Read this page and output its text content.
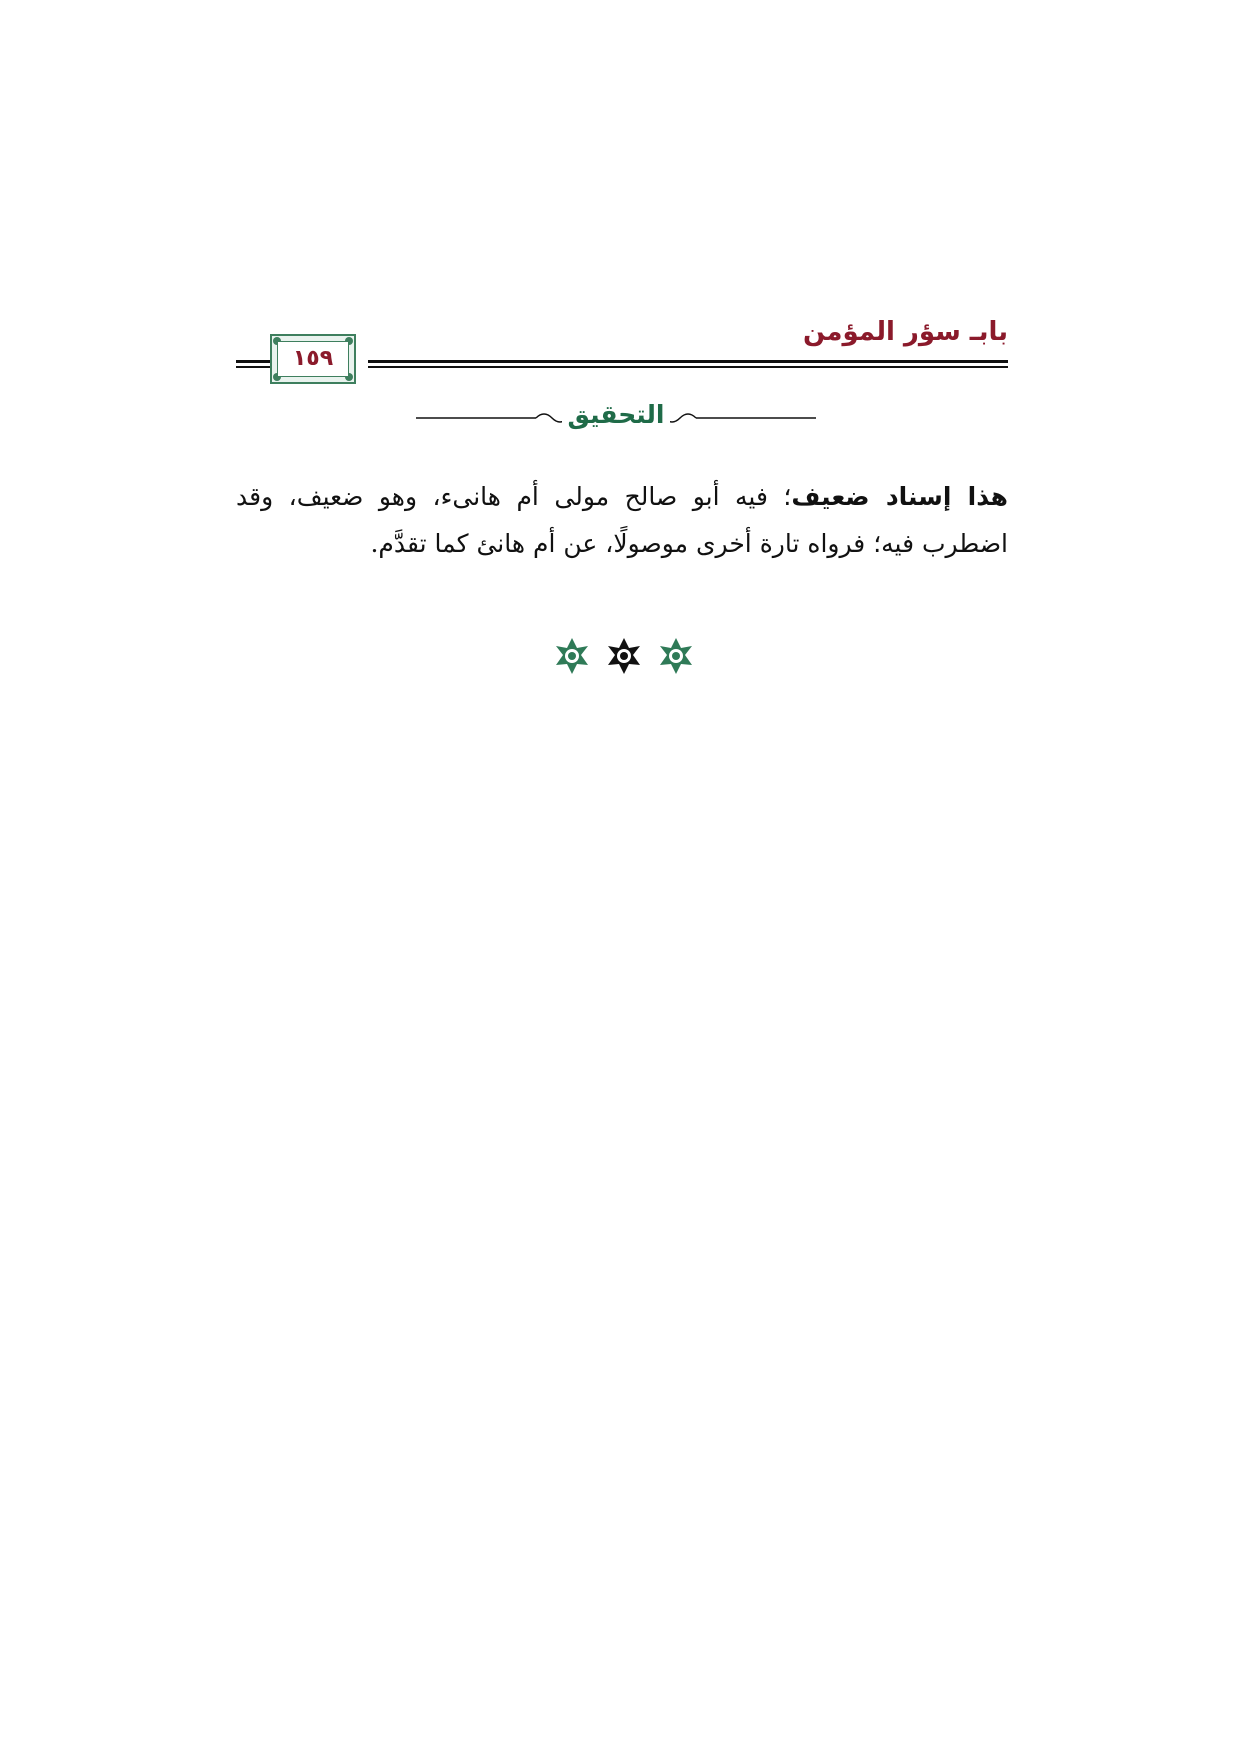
بابـ سؤر المؤمن
١٥٩
التحقيق

هذا إسناد ضعيف؛ فيه أبو صالح مولى أم هانىء، وهو ضعيف، وقد اضطرب فيه؛ فرواه تارة أخرى موصولًا، عن أم هانئ كما تقدَّم.
